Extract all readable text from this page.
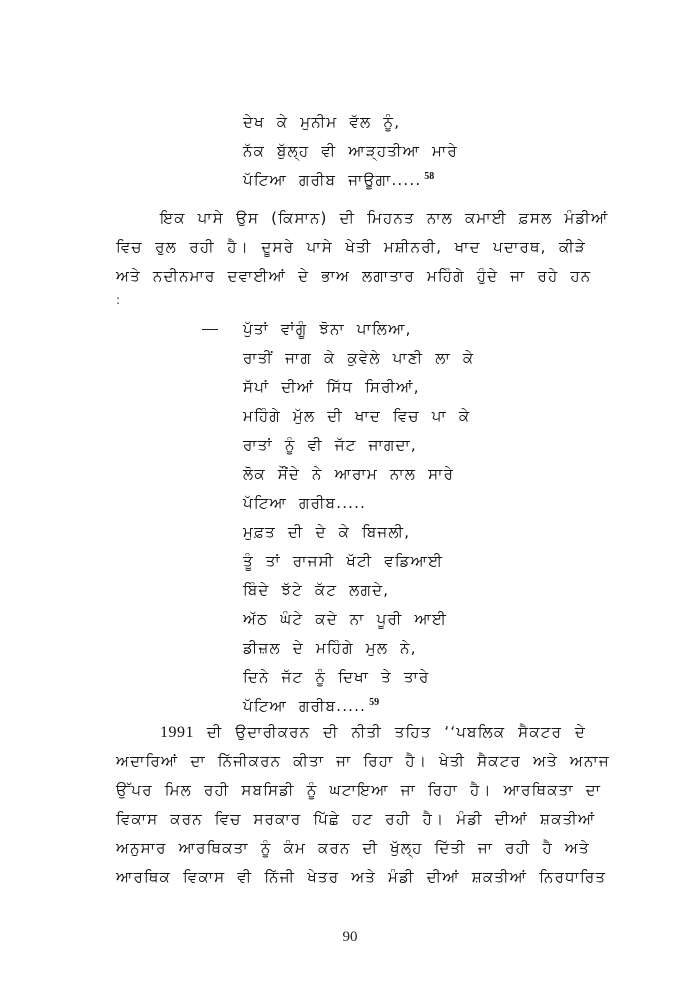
ਦੇਖ ਕੇ ਮੁਨੀਮ ਵੱਲ ਨੂੰ,
ਨੱਕ ਬੁੱਲ੍ਹ ਵੀ ਆੜ੍ਹਤੀਆ ਮਾਰੇ
ਪੱਟਿਆ ਗਰੀਬ ਜਾਊਗਾ..... $^{58}$
ਇਕ ਪਾਸੇ ਉਸ (ਕਿਸਾਨ) ਦੀ ਮਿਹਨਤ ਨਾਲ ਕਮਾਈ ਫ਼ਸਲ ਮੰਡੀਆਂ
ਵਿਚ ਰੁਲ ਰਹੀ ਹੈ। ਦੂਸਰੇ ਪਾਸੇ ਖੇਤੀ ਮਸ਼ੀਨਰੀ, ਖਾਦ ਪਦਾਰਥ, ਕੀੜੇ
ਅਤੇ ਨਦੀਨਮਾਰ ਦਵਾਈਆਂ ਦੇ ਭਾਅ ਲਗਾਤਾਰ ਮਹਿੰਗੇ ਹੁੰਦੇ ਜਾ ਰਹੇ ਹਨ
:
ਪੁੱਤਾਂ ਵਾਂਗੂੰ ਝੋਨਾ ਪਾਲਿਆ,
ਰਾਤੀਂ ਜਾਗ ਕੇ ਕੁਵੇਲੇ ਪਾਣੀ ਲਾ ਕੇ
ਸੱਪਾਂ ਦੀਆਂ ਸਿੱਧ ਸਿਰੀਆਂ,
ਮਹਿੰਗੇ ਮੁੱਲ ਦੀ ਖਾਦ ਵਿਚ ਪਾ ਕੇ
ਰਾਤਾਂ ਨੂੰ ਵੀ ਜੱਟ ਜਾਗਦਾ,
ਲੋਕ ਸੌਂਦੇ ਨੇ ਆਰਾਮ ਨਾਲ ਸਾਰੇ
ਪੱਟਿਆ ਗਰੀਬ.....
ਮੁਫ਼ਤ ਦੀ ਦੇ ਕੇ ਬਿਜਲੀ,
ਤੂੰ ਤਾਂ ਰਾਜਸੀ ਖੱਟੀ ਵਡਿਆਈ
ਬਿੰਦੇ ਝੱਟੇ ਕੱਟ ਲਗਦੇ,
ਅੱਠ ਘੰਟੇ ਕਦੇ ਨਾ ਪੂਰੀ ਆਈ
ਡੀਜ਼ਲ ਦੇ ਮਹਿੰਗੇ ਮੁਲ ਨੇ,
ਦਿਨੇ ਜੱਟ ਨੂੰ ਦਿਖਾ ਤੇ ਤਾਰੇ
ਪੱਟਿਆ ਗਰੀਬ..... $^{59}$
1991 ਦੀ ਉਦਾਰੀਕਰਨ ਦੀ ਨੀਤੀ ਤਹਿਤ ‘‘ਪਬਲਿਕ ਸੈਕਟਰ ਦੇ
ਅਦਾਰਿਆਂ ਦਾ ਨਿੱਜੀਕਰਨ ਕੀਤਾ ਜਾ ਰਿਹਾ ਹੈ। ਖੇਤੀ ਸੈਕਟਰ ਅਤੇ ਅਨਾਜ
ਉੱਪਰ ਮਿਲ ਰਹੀ ਸਬਸਿਡੀ ਨੂੰ ਘਟਾਇਆ ਜਾ ਰਿਹਾ ਹੈ। ਆਰਥਿਕਤਾ ਦਾ
ਵਿਕਾਸ ਕਰਨ ਵਿਚ ਸਰਕਾਰ ਪਿੱਛੇ ਹਟ ਰਹੀ ਹੈ। ਮੰਡੀ ਦੀਆਂ ਸ਼ਕਤੀਆਂ
ਅਨੁਸਾਰ ਆਰਥਿਕਤਾ ਨੂੰ ਕੰਮ ਕਰਨ ਦੀ ਖੁੱਲ੍ਹ ਦਿੱਤੀ ਜਾ ਰਹੀ ਹੈ ਅਤੇ
ਆਰਥਿਕ ਵਿਕਾਸ ਵੀ ਨਿੱਜੀ ਖੇਤਰ ਅਤੇ ਮੰਡੀ ਦੀਆਂ ਸ਼ਕਤੀਆਂ ਨਿਰਧਾਰਿਤ
90
